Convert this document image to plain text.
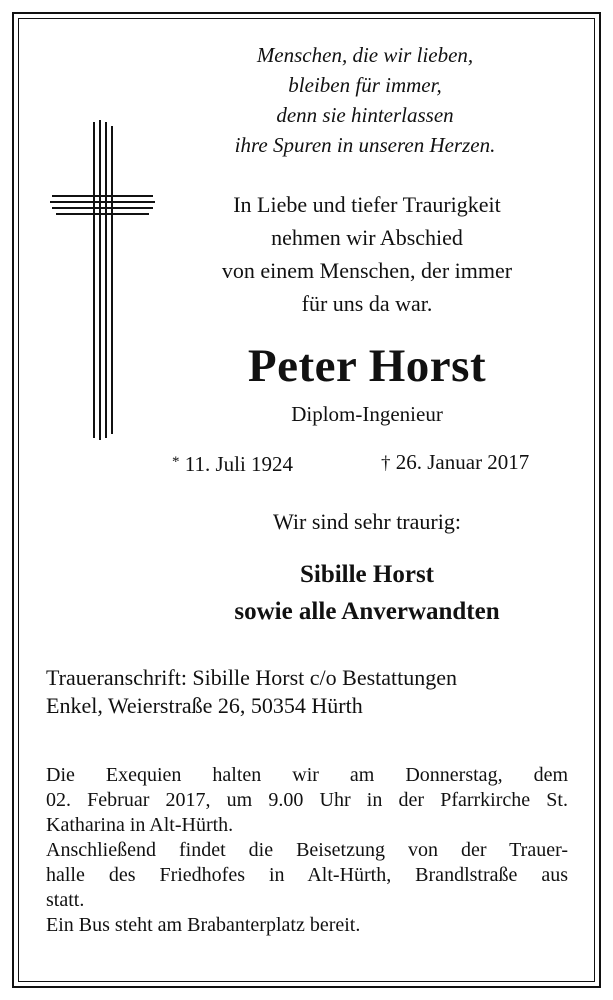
Menschen, die wir lieben,
bleiben für immer,
denn sie hinterlassen
ihre Spuren in unseren Herzen.
In Liebe und tiefer Traurigkeit
nehmen wir Abschied
von einem Menschen, der immer
für uns da war.
Peter Horst
Diplom-Ingenieur
* 11. Juli 1924	† 26. Januar 2017
Wir sind sehr traurig:
Sibille Horst
sowie alle Anverwandten
Traueranschrift: Sibille Horst c/o Bestattungen
Enkel, Weierstraße 26, 50354 Hürth
Die Exequien halten wir am Donnerstag, dem
02. Februar 2017, um 9.00 Uhr in der Pfarrkirche St.
Katharina in Alt-Hürth.
Anschließend findet die Beisetzung von der Trauer-
halle des Friedhofes in Alt-Hürth, Brandlstraße aus
statt.
Ein Bus steht am Brabanterplatz bereit.
